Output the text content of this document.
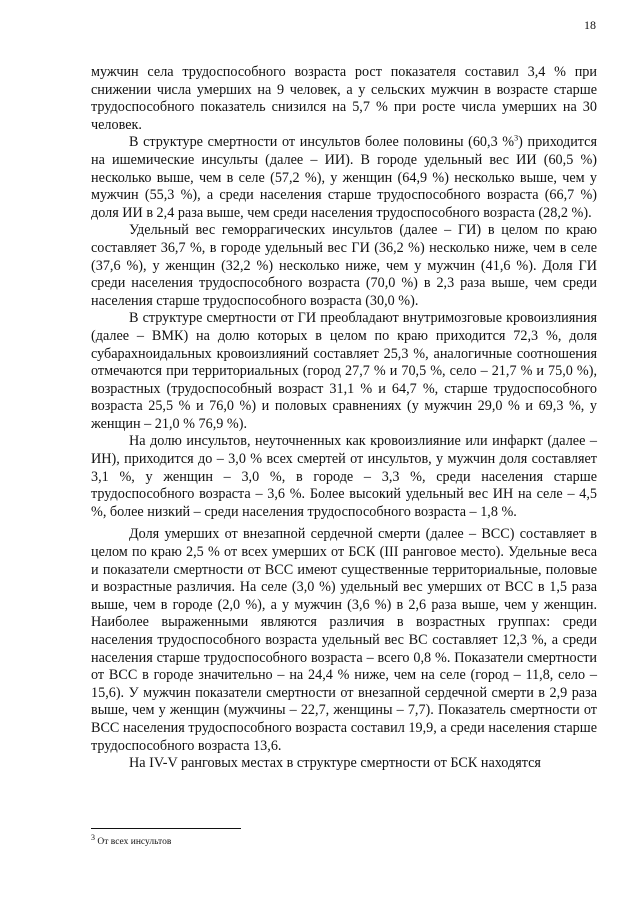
18

мужчин села трудоспособного возраста рост показателя составил 3,4 % при снижении числа умерших на 9 человек, а у сельских мужчин в возрасте старше трудоспособного показатель снизился на 5,7 % при росте числа умерших на 30 человек.

В структуре смертности от инсультов более половины (60,3 %$^3$) приходится на ишемические инсульты (далее – ИИ). В городе удельный вес ИИ (60,5 %) несколько выше, чем в селе (57,2 %), у женщин (64,9 %) несколько выше, чем у мужчин (55,3 %), а среди населения старше трудоспособного возраста (66,7 %) доля ИИ в 2,4 раза выше, чем среди населения трудоспособного возраста (28,2 %).

Удельный вес геморрагических инсультов (далее – ГИ) в целом по краю составляет 36,7 %, в городе удельный вес ГИ (36,2 %) несколько ниже, чем в селе (37,6 %), у женщин (32,2 %) несколько ниже, чем у мужчин (41,6 %). Доля ГИ среди населения трудоспособного возраста (70,0 %) в 2,3 раза выше, чем среди населения старше трудоспособного возраста (30,0 %).

В структуре смертности от ГИ преобладают внутримозговые кровоизлияния (далее – ВМК) на долю которых в целом по краю приходится 72,3 %, доля субарахноидальных кровоизлияний составляет 25,3 %, аналогичные соотношения отмечаются при территориальных (город 27,7 % и 70,5 %, село – 21,7 % и 75,0 %), возрастных (трудоспособный возраст 31,1 % и 64,7 %, старше трудоспособного возраста 25,5 % и 76,0 %) и половых сравнениях (у мужчин 29,0 % и 69,3 %, у женщин – 21,0 % 76,9 %).

На долю инсультов, неуточненных как кровоизлияние или инфаркт (далее – ИН), приходится до – 3,0 % всех смертей от инсультов, у мужчин доля составляет 3,1 %, у женщин – 3,0 %, в городе – 3,3 %, среди населения старше трудоспособного возраста – 3,6 %. Более высокий удельный вес ИН на селе – 4,5 %, более низкий – среди населения трудоспособного возраста – 1,8 %.

Доля умерших от внезапной сердечной смерти (далее – ВСС) составляет в целом по краю 2,5 % от всех умерших от БСК (III ранговое место). Удельные веса и показатели смертности от ВСС имеют существенные территориальные, половые и возрастные различия. На селе (3,0 %) удельный вес умерших от ВСС в 1,5 раза выше, чем в городе (2,0 %), а у мужчин (3,6 %) в 2,6 раза выше, чем у женщин. Наиболее выраженными являются различия в возрастных группах: среди населения трудоспособного возраста удельный вес ВС составляет 12,3 %, а среди населения старше трудоспособного возраста – всего 0,8 %. Показатели смертности от ВСС в городе значительно – на 24,4 % ниже, чем на селе (город – 11,8, село – 15,6). У мужчин показатели смертности от внезапной сердечной смерти в 2,9 раза выше, чем у женщин (мужчины – 22,7, женщины – 7,7). Показатель смертности от ВСС населения трудоспособного возраста составил 19,9, а среди населения старше трудоспособного возраста 13,6.

На IV-V ранговых местах в структуре смертности от БСК находятся

$^3$ От всех инсультов
